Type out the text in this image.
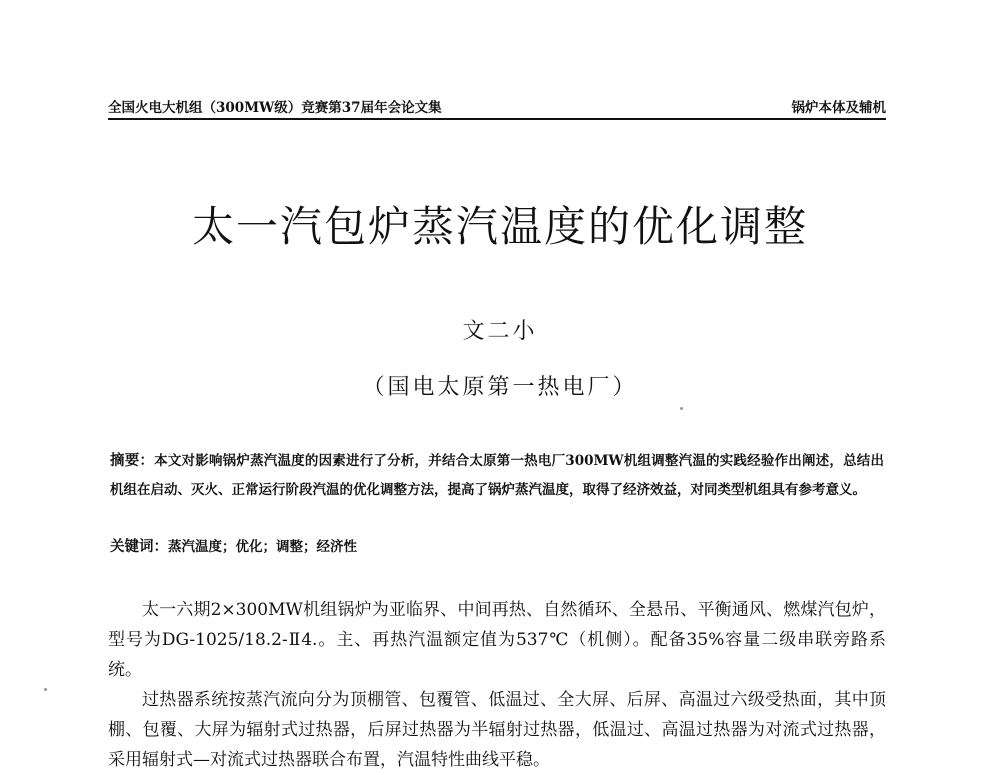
全国火电大机组（300MW级）竞赛第37届年会论文集	锅炉本体及辅机
太一汽包炉蒸汽温度的优化调整
文二小
（国电太原第一热电厂）
摘要：本文对影响锅炉蒸汽温度的因素进行了分析，并结合太原第一热电厂300MW机组调整汽温的实践经验作出阐述，总结出机组在启动、灭火、正常运行阶段汽温的优化调整方法，提高了锅炉蒸汽温度，取得了经济效益，对同类型机组具有参考意义。
关键词：蒸汽温度；优化；调整；经济性

太一六期2×300MW机组锅炉为亚临界、中间再热、自然循环、全悬吊、平衡通风、燃煤汽包炉，型号为DG-1025/18.2-Ⅱ4.。主、再热汽温额定值为537℃（机侧）。配备35%容量二级串联旁路系统。

过热器系统按蒸汽流向分为顶棚管、包覆管、低温过、全大屏、后屏、高温过六级受热面，其中顶棚、包覆、大屏为辐射式过热器，后屏过热器为半辐射过热器，低温过、高温过热器为对流式过热器，采用辐射式—对流式过热器联合布置，汽温特性曲线平稳。
